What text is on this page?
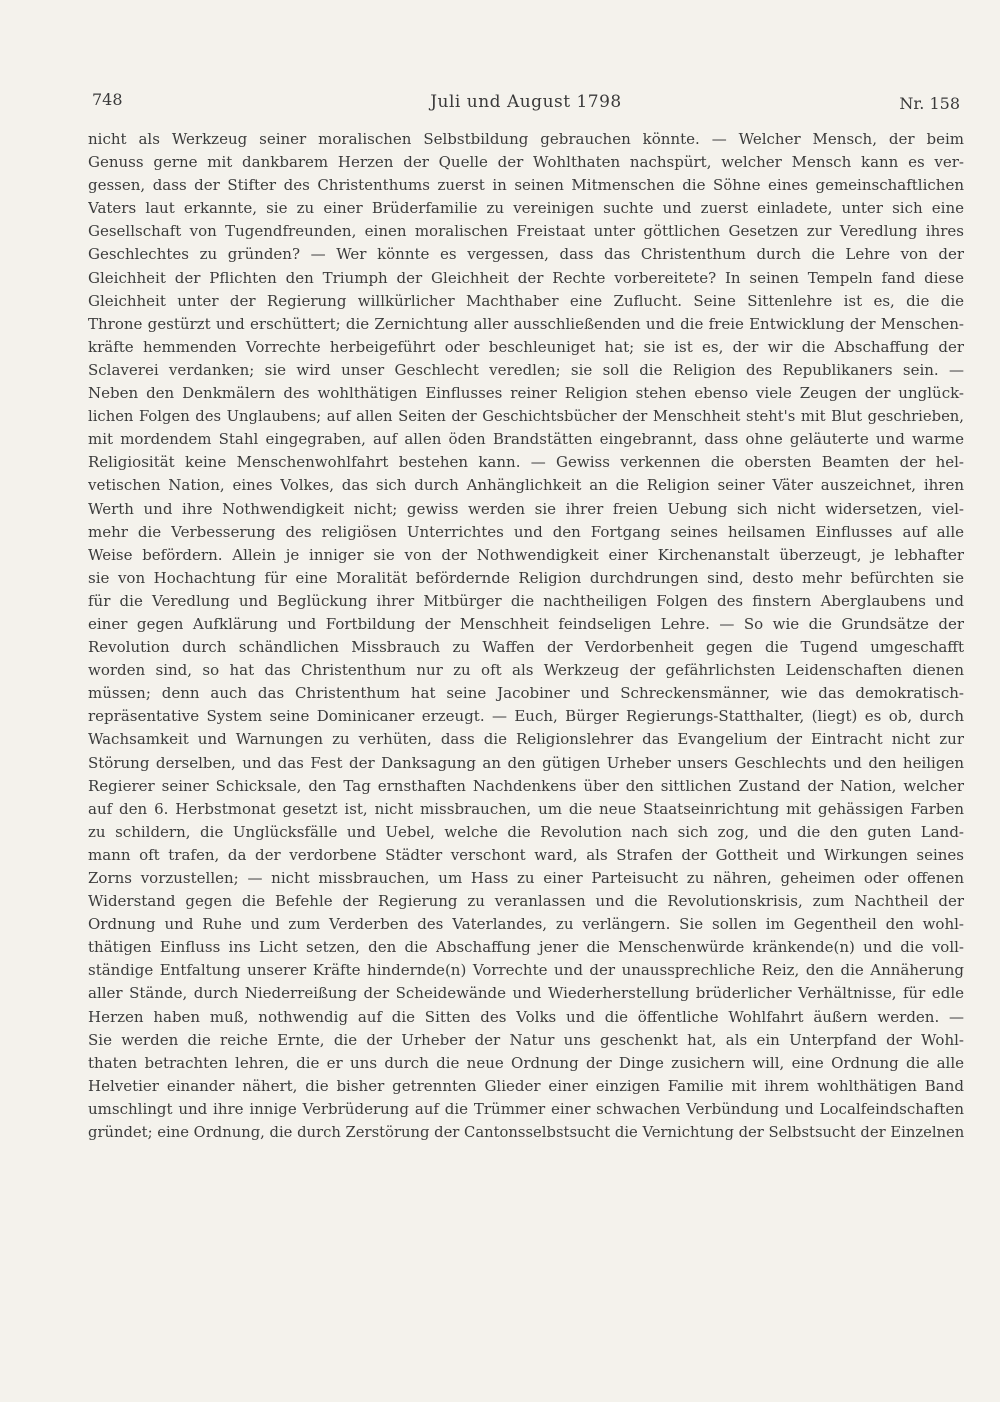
748	Juli und August 1798	Nr. 158
nicht als Werkzeug seiner moralischen Selbstbildung gebrauchen könnte. — Welcher Mensch, der beim
Genuss gerne mit dankbarem Herzen der Quelle der Wohlthaten nachspürt, welcher Mensch kann es ver-
gessen, dass der Stifter des Christenthums zuerst in seinen Mitmenschen die Söhne eines gemeinschaftlichen
Vaters laut erkannte, sie zu einer Brüderfamilie zu vereinigen suchte und zuerst einladete, unter sich eine
Gesellschaft von Tugendfreunden, einen moralischen Freistaat unter göttlichen Gesetzen zur Veredlung ihres
Geschlechtes zu gründen? — Wer könnte es vergessen, dass das Christenthum durch die Lehre von der
Gleichheit der Pflichten den Triumph der Gleichheit der Rechte vorbereitete? In seinen Tempeln fand diese
Gleichheit unter der Regierung willkürlicher Machthaber eine Zuflucht. Seine Sittenlehre ist es, die die
Throne gestürzt und erschüttert; die Zernichtung aller ausschließenden und die freie Entwicklung der Menschen-
kräfte hemmenden Vorrechte herbeigeführt oder beschleuniget hat; sie ist es, der wir die Abschaffung der
Sclaverei verdanken; sie wird unser Geschlecht veredlen; sie soll die Religion des Republikaners sein. —
Neben den Denkmälern des wohlthätigen Einflusses reiner Religion stehen ebenso viele Zeugen der unglück-
lichen Folgen des Unglaubens; auf allen Seiten der Geschichtsbücher der Menschheit steht's mit Blut geschrieben,
mit mordendem Stahl eingegraben, auf allen öden Brandstätten eingebrannt, dass ohne geläuterte und warme
Religiosität keine Menschenwohlfahrt bestehen kann. — Gewiss verkennen die obersten Beamten der hel-
vetischen Nation, eines Volkes, das sich durch Anhänglichkeit an die Religion seiner Väter auszeichnet, ihren
Werth und ihre Nothwendigkeit nicht; gewiss werden sie ihrer freien Uebung sich nicht widersetzen, viel-
mehr die Verbesserung des religiösen Unterrichtes und den Fortgang seines heilsamen Einflusses auf alle
Weise befördern. Allein je inniger sie von der Nothwendigkeit einer Kirchenanstalt überzeugt, je lebhafter
sie von Hochachtung für eine Moralität befördernde Religion durchdrungen sind, desto mehr befürchten sie
für die Veredlung und Beglückung ihrer Mitbürger die nachtheiligen Folgen des finstern Aberglaubens und
einer gegen Aufklärung und Fortbildung der Menschheit feindseligen Lehre. — So wie die Grundsätze der
Revolution durch schändlichen Missbrauch zu Waffen der Verdorbenheit gegen die Tugend umgeschafft
worden sind, so hat das Christenthum nur zu oft als Werkzeug der gefährlichsten Leidenschaften dienen
müssen; denn auch das Christenthum hat seine Jacobiner und Schreckensmänner, wie das demokratisch-
repräsentative System seine Dominicaner erzeugt. — Euch, Bürger Regierungs-Statthalter, (liegt) es ob, durch
Wachsamkeit und Warnungen zu verhüten, dass die Religionslehrer das Evangelium der Eintracht nicht zur
Störung derselben, und das Fest der Danksagung an den gütigen Urheber unsers Geschlechts und den heiligen
Regierer seiner Schicksale, den Tag ernsthaften Nachdenkens über den sittlichen Zustand der Nation, welcher
auf den 6. Herbstmonat gesetzt ist, nicht missbrauchen, um die neue Staatseinrichtung mit gehässigen Farben
zu schildern, die Unglücksfälle und Uebel, welche die Revolution nach sich zog, und die den guten Land-
mann oft trafen, da der verdorbene Städter verschont ward, als Strafen der Gottheit und Wirkungen seines
Zorns vorzustellen; — nicht missbrauchen, um Hass zu einer Parteisucht zu nähren, geheimen oder offenen
Widerstand gegen die Befehle der Regierung zu veranlassen und die Revolutionskrisis, zum Nachtheil der
Ordnung und Ruhe und zum Verderben des Vaterlandes, zu verlängern. Sie sollen im Gegentheil den wohl-
thätigen Einfluss ins Licht setzen, den die Abschaffung jener die Menschenwürde kränkende(n) und die voll-
ständige Entfaltung unserer Kräfte hindernde(n) Vorrechte und der unaussprechliche Reiz, den die Annäherung
aller Stände, durch Niederreißung der Scheidewände und Wiederherstellung brüderlicher Verhältnisse, für edle
Herzen haben muß, nothwendig auf die Sitten des Volks und die öffentliche Wohlfahrt äußern werden. —
Sie werden die reiche Ernte, die der Urheber der Natur uns geschenkt hat, als ein Unterpfand der Wohl-
thaten betrachten lehren, die er uns durch die neue Ordnung der Dinge zusichern will, eine Ordnung die alle
Helvetier einander nähert, die bisher getrennten Glieder einer einzigen Familie mit ihrem wohlthätigen Band
umschlingt und ihre innige Verbrüderung auf die Trümmer einer schwachen Verbündung und Localfeindschaften
gründet; eine Ordnung, die durch Zerstörung der Cantonsselbstsucht die Vernichtung der Selbstsucht der Einzelnen
